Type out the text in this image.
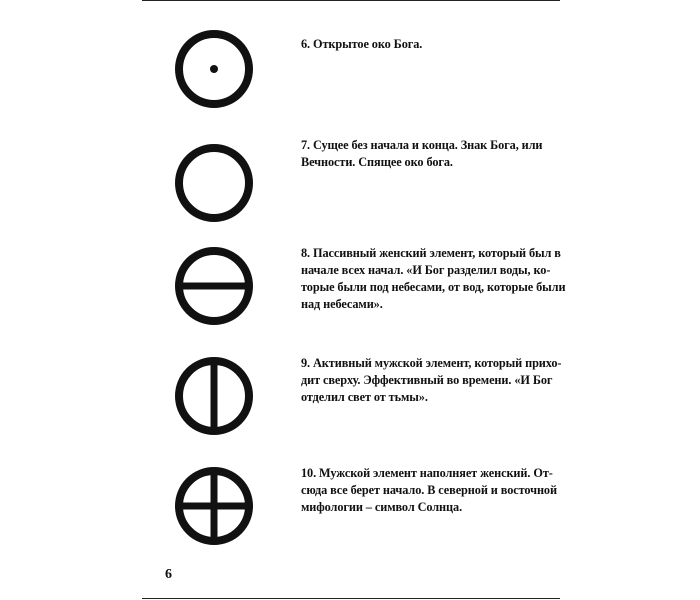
6. Открытое око Бога.
7. Сущее без начала и конца. Знак Бога, или
Вечности. Спящее око бога.
8. Пассивный женский элемент, который был в
начале всех начал. «И Бог разделил воды, ко-
торые были под небесами, от вод, которые были
над небесами».
9. Активный мужской элемент, который прихо-
дит сверху. Эффективный во времени. «И Бог
отделил свет от тьмы».
10. Мужской элемент наполняет женский. От-
сюда все берет начало. В северной и восточной
мифологии – символ Солнца.
6
